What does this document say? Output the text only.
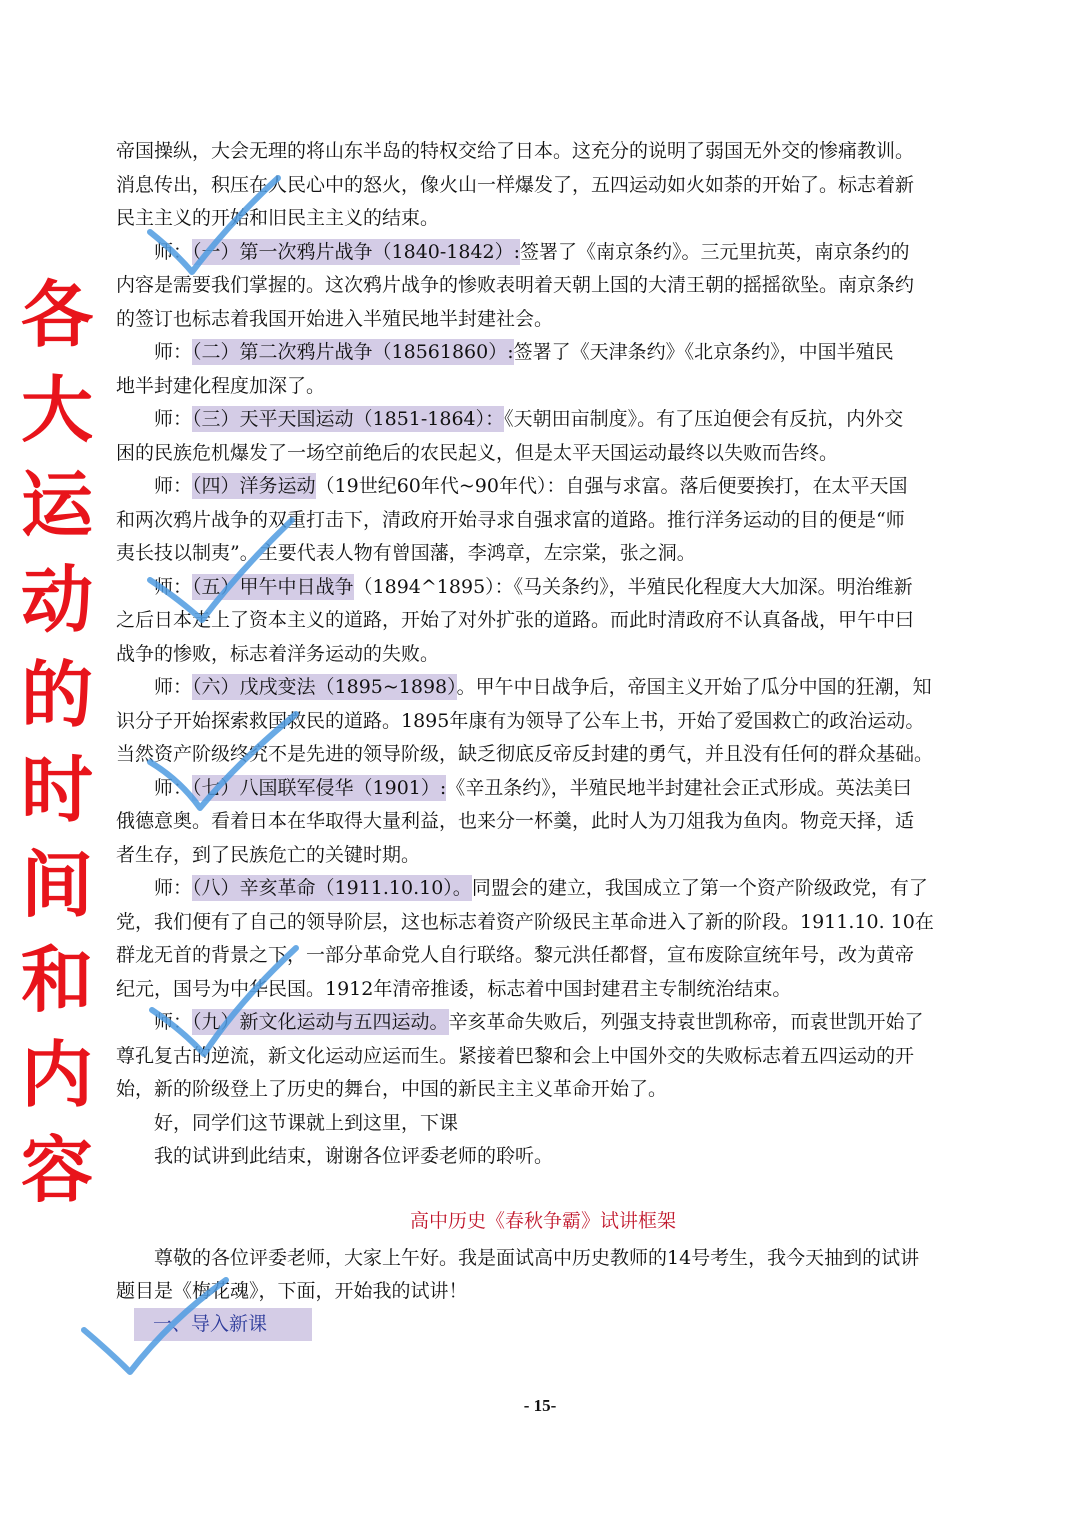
各
大
运
动
的
时
间
和
内
容
帝国操纵，大会无理的将山东半岛的特权交给了日本。这充分的说明了弱国无外交的惨痛教训。
消息传出，积压在人民心中的怒火，像火山一样爆发了，五四运动如火如荼的开始了。标志着新
民主主义的开始和旧民主主义的结束。
　　师：（一）第一次鸦片战争（1840-1842）:签署了《南京条约》。三元里抗英，南京条约的
内容是需要我们掌握的。这次鸦片战争的惨败表明着天朝上国的大清王朝的摇摇欲坠。南京条约
的签订也标志着我国开始进入半殖民地半封建社会。
　　师：（二）第二次鸦片战争（18561860）:签署了《天津条约》《北京条约》，中国半殖民
地半封建化程度加深了。
　　师：（三）天平天国运动（1851-1864）：《天朝田亩制度》。有了压迫便会有反抗，内外交
困的民族危机爆发了一场空前绝后的农民起义，但是太平天国运动最终以失败而告终。
　　师：（四）洋务运动（19世纪60年代~90年代）：自强与求富。落后便要挨打，在太平天国
和两次鸦片战争的双重打击下，清政府开始寻求自强求富的道路。推行洋务运动的目的便是“师
夷长技以制夷”。主要代表人物有曾国藩，李鸿章，左宗棠，张之洞。
　　师：（五）甲午中日战争（1894^1895）：《马关条约》，半殖民化程度大大加深。明治维新
之后日本走上了资本主义的道路，开始了对外扩张的道路。而此时清政府不认真备战，甲午中曰
战争的惨败，标志着洋务运动的失败。
　　师：（六）戊戌变法（1895~1898）。甲午中日战争后，帝国主义开始了瓜分中国的狂潮，知
识分子开始探索救国救民的道路。1895年康有为领导了公车上书，开始了爱国救亡的政治运动。
当然资产阶级终究不是先进的领导阶级，缺乏彻底反帝反封建的勇气，并且没有任何的群众基础。
　　师：（七）八国联军侵华（1901）:《辛丑条约》，半殖民地半封建社会正式形成。英法美曰
俄德意奥。看着日本在华取得大量利益，也来分一杯羹，此时人为刀俎我为鱼肉。物竞天择，适
者生存，到了民族危亡的关键时期。
　　师：（八）辛亥革命（1911.10.10）。同盟会的建立，我国成立了第一个资产阶级政党，有了
党，我们便有了自己的领导阶层，这也标志着资产阶级民主革命进入了新的阶段。1911.10. 10在
群龙无首的背景之下，一部分革命党人自行联络。黎元洪任都督，宣布废除宣统年号，改为黄帝
纪元，国号为中华民国。1912年清帝推诿，标志着中国封建君主专制统治结束。
　　师：（九）新文化运动与五四运动。辛亥革命失败后，列强支持袁世凯称帝，而袁世凯开始了
尊孔复古的逆流，新文化运动应运而生。紧接着巴黎和会上中国外交的失败标志着五四运动的开
始，新的阶级登上了历史的舞台，中国的新民主主义革命开始了。
　　好，同学们这节课就上到这里，下课
　　我的试讲到此结束，谢谢各位评委老师的聆听。
高中历史《春秋争霸》试讲框架
　　尊敬的各位评委老师，大家上午好。我是面试高中历史教师的14号考生，我今天抽到的试讲
题目是《梅花魂》，下面，开始我的试讲！
　一、导入新课
- 15-
